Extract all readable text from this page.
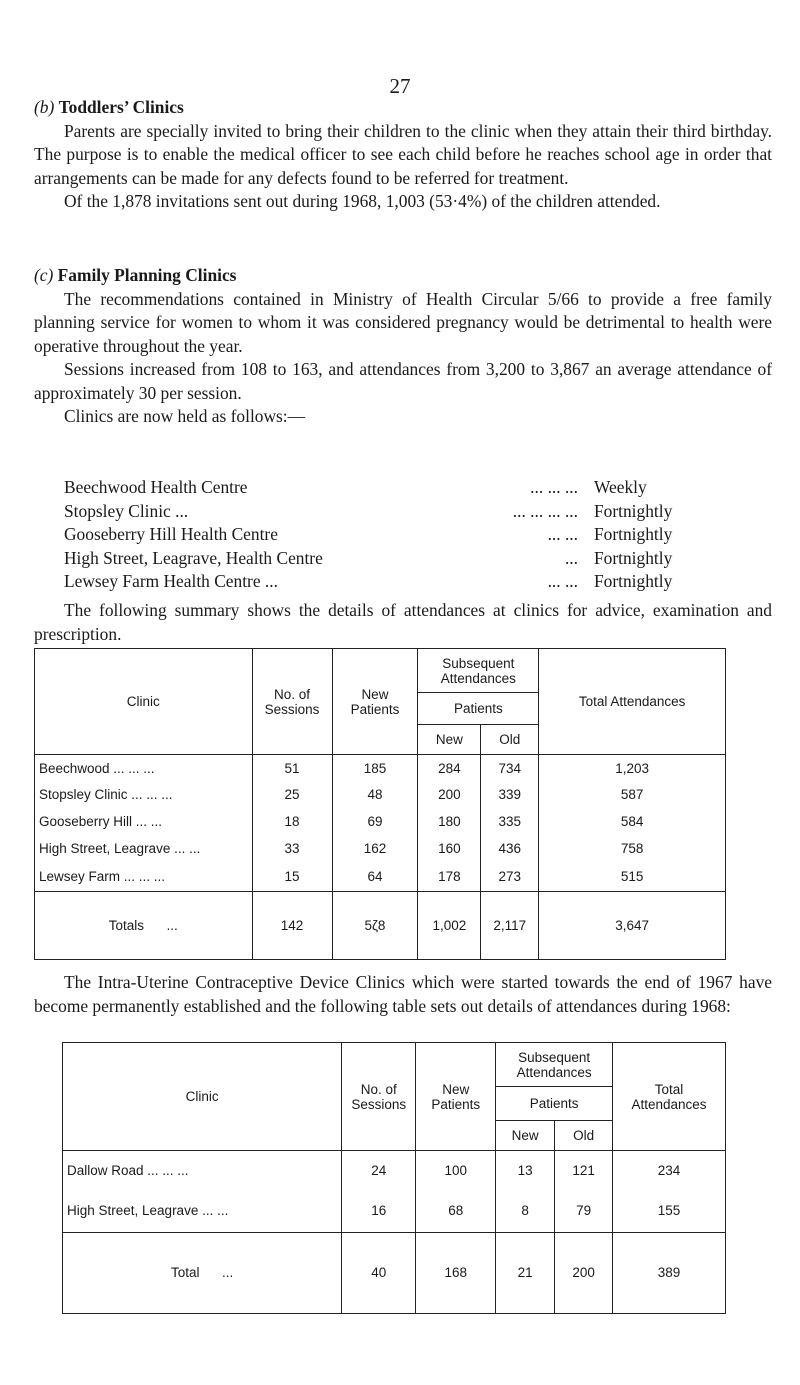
27
(b) Toddlers’ Clinics

Parents are specially invited to bring their children to the clinic when they attain their third birthday. The purpose is to enable the medical officer to see each child before he reaches school age in order that arrangements can be made for any defects found to be referred for treatment.

Of the 1,878 invitations sent out during 1968, 1,003 (53·4%) of the children attended.

(c) Family Planning Clinics

The recommendations contained in Ministry of Health Circular 5/66 to provide a free family planning service for women to whom it was considered pregnancy would be detrimental to health were operative throughout the year.

Sessions increased from 108 to 163, and attendances from 3,200 to 3,867 an average attendance of approximately 30 per session.

Clinics are now held as follows:—

Beechwood Health Centre	... ... ... Weekly
Stopsley Clinic ...	... ... ... ... Fortnightly
Gooseberry Hill Health Centre	... ... Fortnightly
High Street, Leagrave, Health Centre	... Fortnightly
Lewsey Farm Health Centre ...	... ... Fortnightly

The following summary shows the details of attendances at clinics for advice, examination and prescription.

Clinic	No. of Sessions	New Patients	Subsequent Attendances		Total Attendances
			Patients		
			New	Old	
Beechwood ... ... ...	51	185	284	734	1,203
Stopsley Clinic ... ... ...	25	48	200	339	587
Gooseberry Hill ... ...	18	69	180	335	584
High Street, Leagrave ... ...	33	162	160	436	758
Lewsey Farm ... ... ...	15	64	178	273	515
Totals ...	142	5ζ8	1,002	2,117	3,647

The Intra-Uterine Contraceptive Device Clinics which were started towards the end of 1967 have become permanently established and the following table sets out details of attendances during 1968:

Clinic	No. of Sessions	New Patients	Subsequent Attendances		Total Attendances
			Patients		
			New	Old	
Dallow Road ... ... ...	24	100	13	121	234
High Street, Leagrave ... ...	16	68	8	79	155
Total ...	40	168	21	200	389
